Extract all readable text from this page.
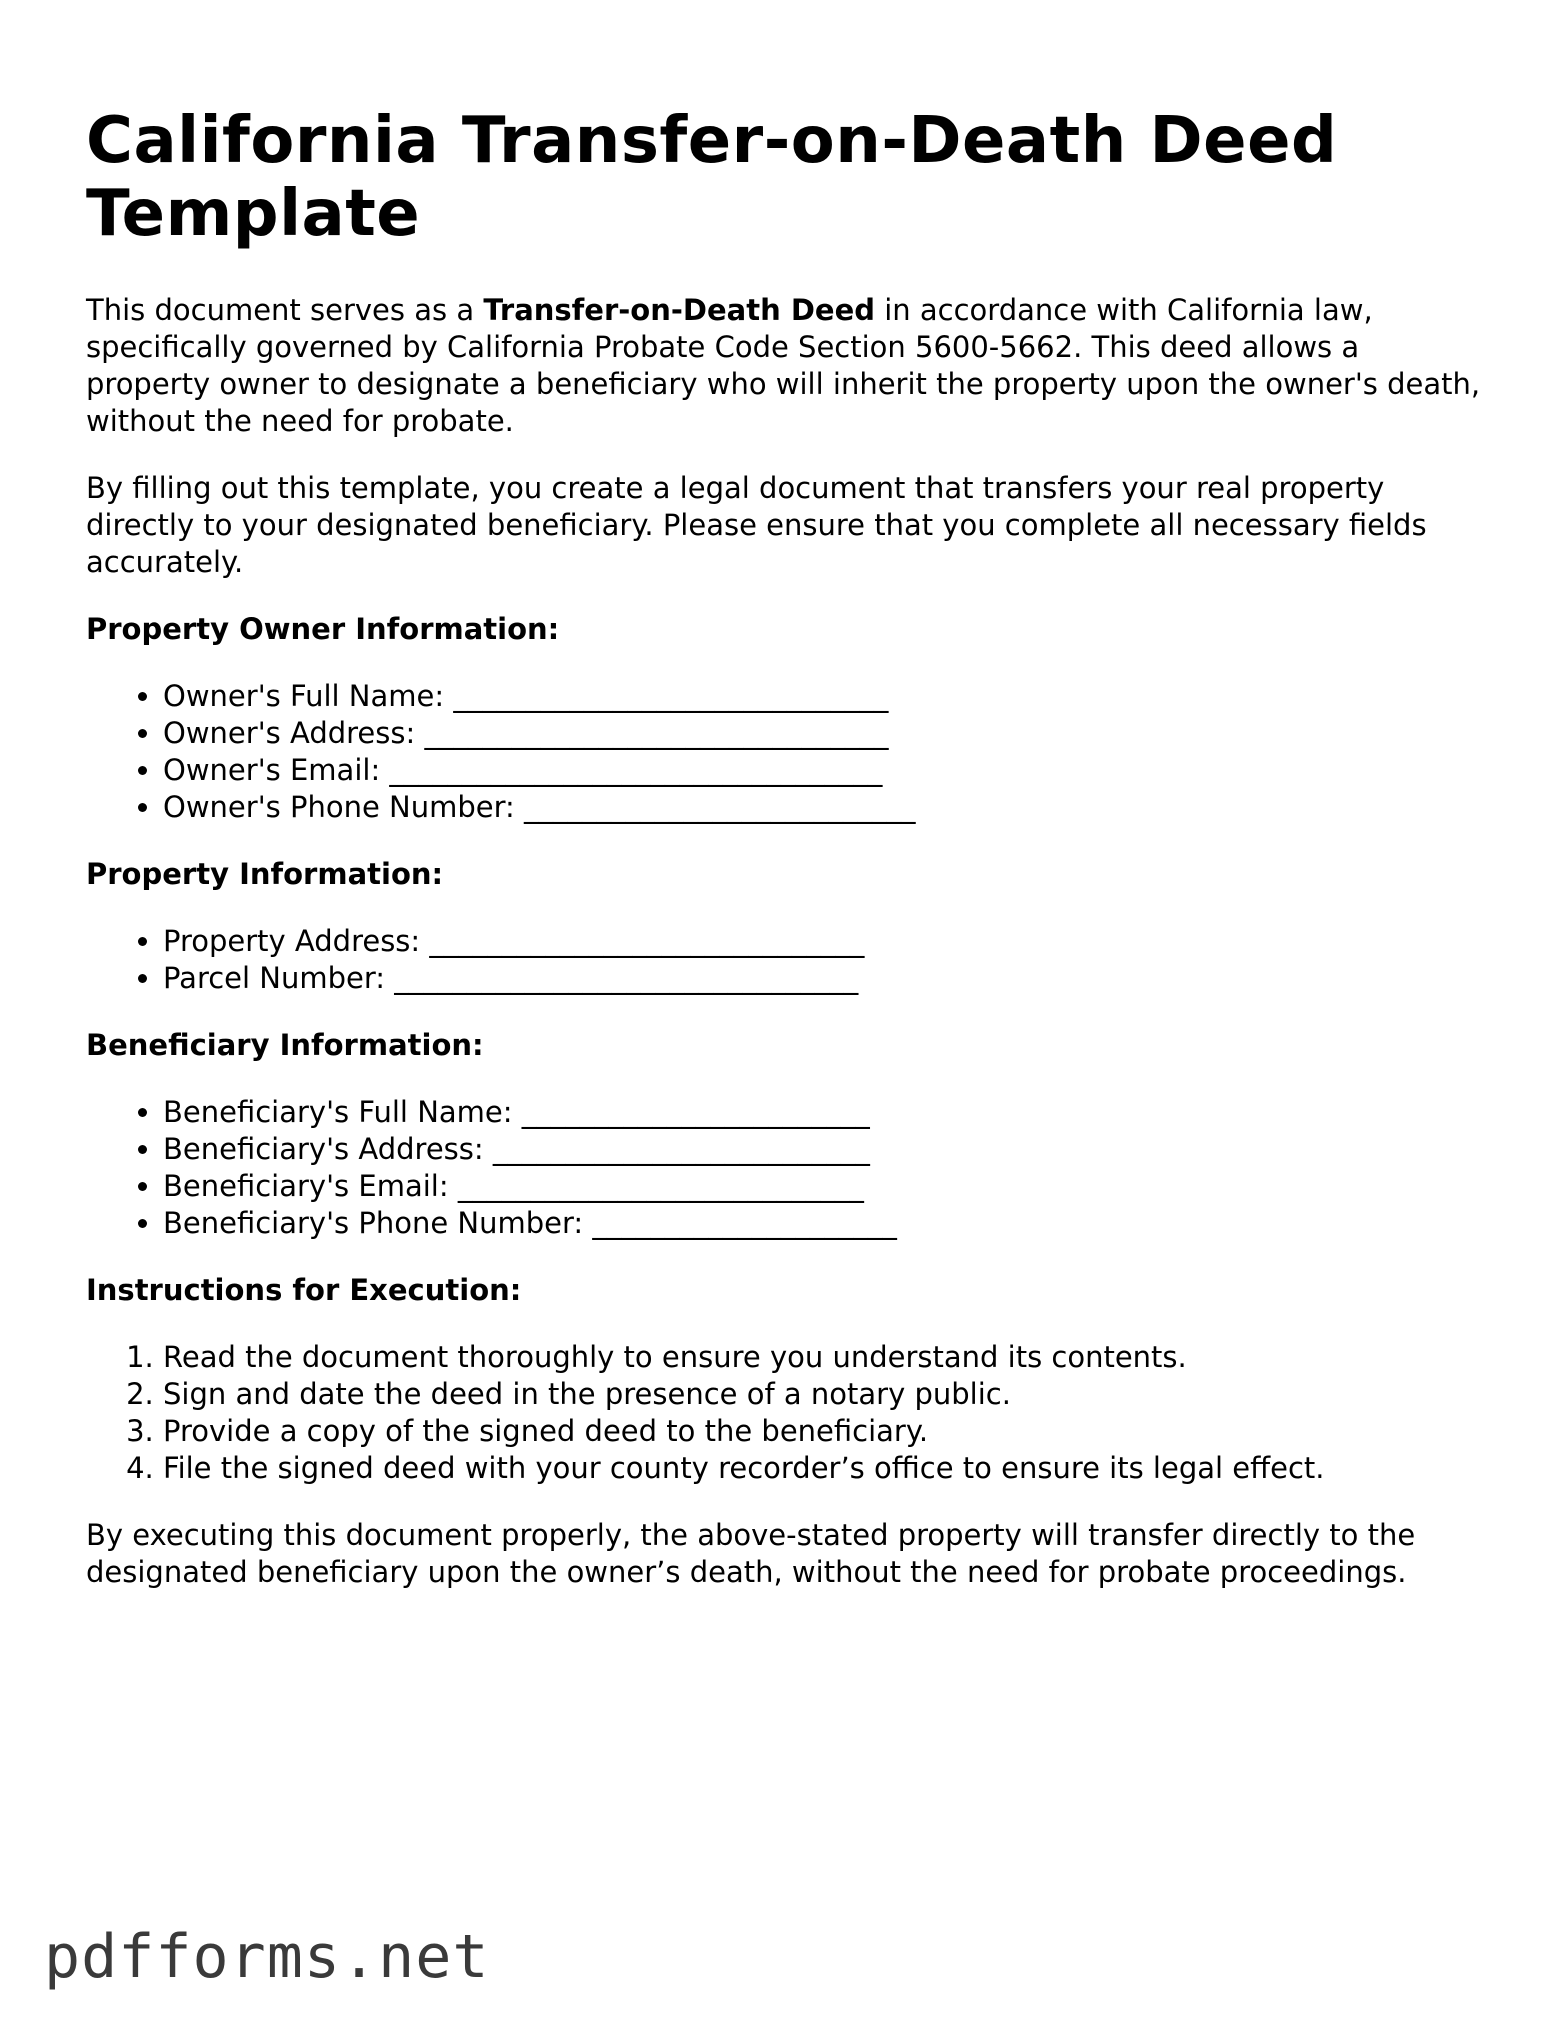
California Transfer-on-Death Deed Template

This document serves as a Transfer-on-Death Deed in accordance with California law, specifically governed by California Probate Code Section 5600-5662. This deed allows a property owner to designate a beneficiary who will inherit the property upon the owner's death, without the need for probate.

By filling out this template, you create a legal document that transfers your real property directly to your designated beneficiary. Please ensure that you complete all necessary fields accurately.

Property Owner Information:
• Owner's Full Name: ______________________________
• Owner's Address: ________________________________
• Owner's Email: __________________________________
• Owner's Phone Number: ___________________________
Property Information:
• Property Address: ______________________________
• Parcel Number: ________________________________
Beneficiary Information:
• Beneficiary's Full Name: ________________________
• Beneficiary's Address: __________________________
• Beneficiary's Email: ____________________________
• Beneficiary's Phone Number: _____________________
Instructions for Execution:
1. Read the document thoroughly to ensure you understand its contents.
2. Sign and date the deed in the presence of a notary public.
3. Provide a copy of the signed deed to the beneficiary.
4. File the signed deed with your county recorder’s office to ensure its legal effect.

By executing this document properly, the above-stated property will transfer directly to the designated beneficiary upon the owner’s death, without the need for probate proceedings.

pdfforms.net
